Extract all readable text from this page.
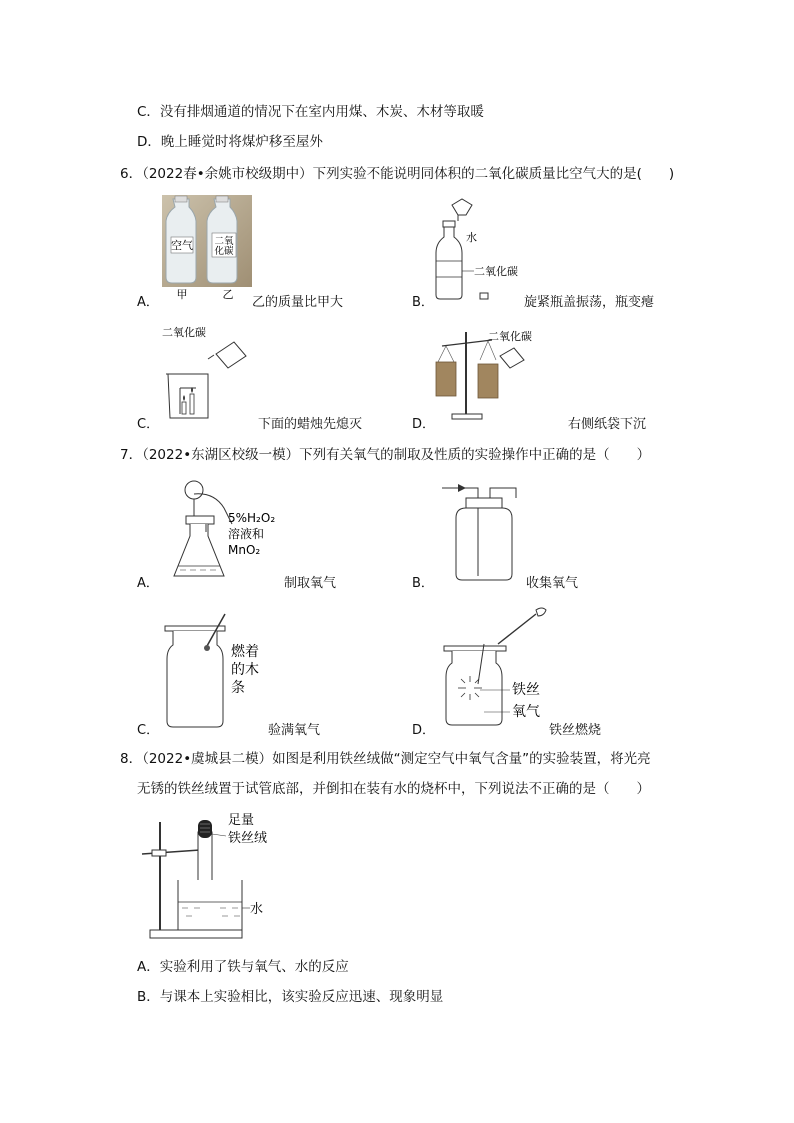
C．没有排烟通道的情况下在室内用煤、木炭、木材等取暖
D．晚上睡觉时将煤炉移至屋外
6．（2022春•余姚市校级期中）下列实验不能说明同体积的二氧化碳质量比空气大的是(　　)
空气 二氧
化碳
甲	乙
A．	乙的质量比甲大
水
二氧化碳
B．	旋紧瓶盖振荡，瓶变瘪
二氧化碳
C．	下面的蜡烛先熄灭
二氧化碳
D．	右侧纸袋下沉
7．（2022•东湖区校级一模）下列有关氧气的制取及性质的实验操作中正确的是（　　）
5%H₂O₂
溶液和
MnO₂
A．	制取氧气	B．	收集氧气
燃着
的木
条
C．	验满氧气
铁丝
氧气
D．	铁丝燃烧
8．（2022•虞城县二模）如图是利用铁丝绒做“测定空气中氧气含量”的实验装置，将光亮
无锈的铁丝绒置于试管底部，并倒扣在装有水的烧杯中，下列说法不正确的是（　　）
水
足量
铁丝绒
A．实验利用了铁与氧气、水的反应
B．与课本上实验相比，该实验反应迅速、现象明显
